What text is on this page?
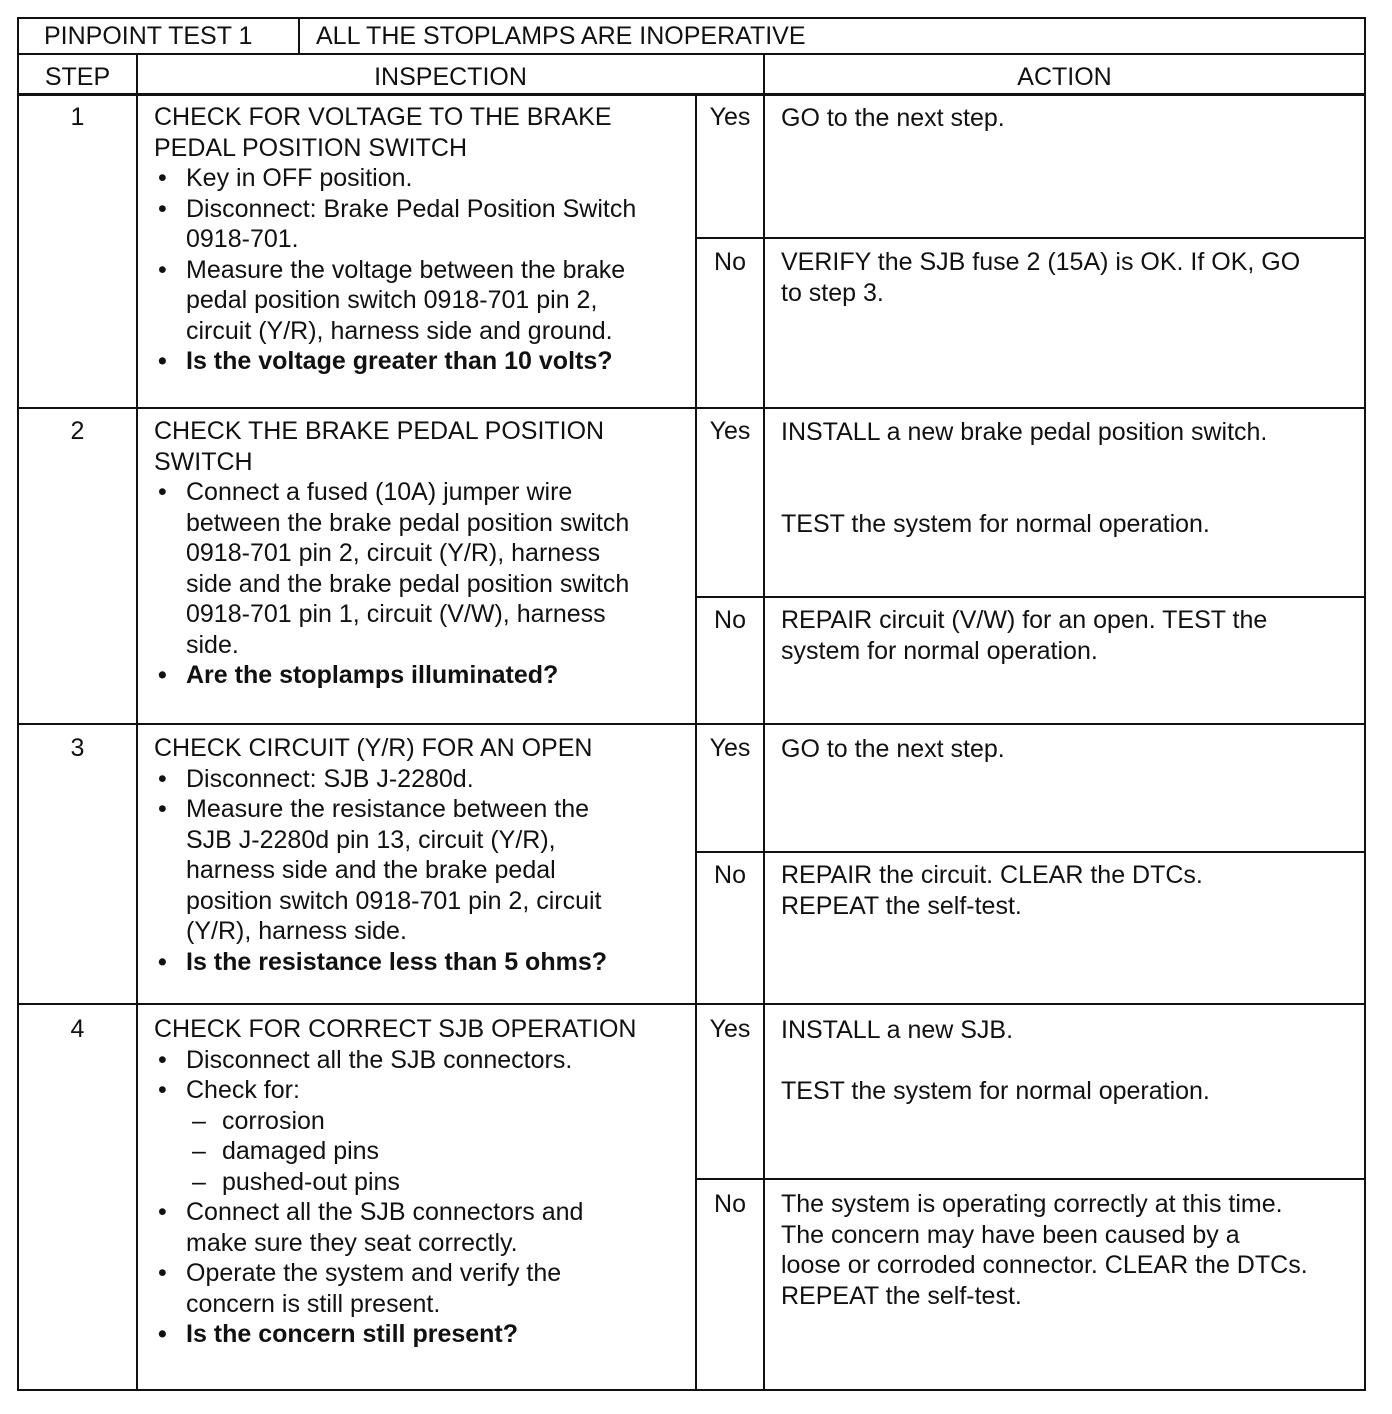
PINPOINT TEST 1	ALL THE STOPLAMPS ARE INOPERATIVE
STEP	INSPECTION	ACTION
1	CHECK FOR VOLTAGE TO THE BRAKE
PEDAL POSITION SWITCH
• Key in OFF position.
• Disconnect: Brake Pedal Position Switch
0918-701.
• Measure the voltage between the brake
pedal position switch 0918-701 pin 2,
circuit (Y/R), harness side and ground.
• Is the voltage greater than 10 volts?
Yes	GO to the next step.
No	VERIFY the SJB fuse 2 (15A) is OK. If OK, GO
to step 3.
2	CHECK THE BRAKE PEDAL POSITION
SWITCH
• Connect a fused (10A) jumper wire
between the brake pedal position switch
0918-701 pin 2, circuit (Y/R), harness
side and the brake pedal position switch
0918-701 pin 1, circuit (V/W), harness
side.
• Are the stoplamps illuminated?
Yes	INSTALL a new brake pedal position switch.
TEST the system for normal operation.
No	REPAIR circuit (V/W) for an open. TEST the
system for normal operation.
3	CHECK CIRCUIT (Y/R) FOR AN OPEN
• Disconnect: SJB J-2280d.
• Measure the resistance between the
SJB J-2280d pin 13, circuit (Y/R),
harness side and the brake pedal
position switch 0918-701 pin 2, circuit
(Y/R), harness side.
• Is the resistance less than 5 ohms?
Yes	GO to the next step.
No	REPAIR the circuit. CLEAR the DTCs.
REPEAT the self-test.
4	CHECK FOR CORRECT SJB OPERATION
• Disconnect all the SJB connectors.
• Check for:
– corrosion
– damaged pins
– pushed-out pins
• Connect all the SJB connectors and
make sure they seat correctly.
• Operate the system and verify the
concern is still present.
• Is the concern still present?
Yes	INSTALL a new SJB.
TEST the system for normal operation.
No	The system is operating correctly at this time.
The concern may have been caused by a
loose or corroded connector. CLEAR the DTCs.
REPEAT the self-test.
